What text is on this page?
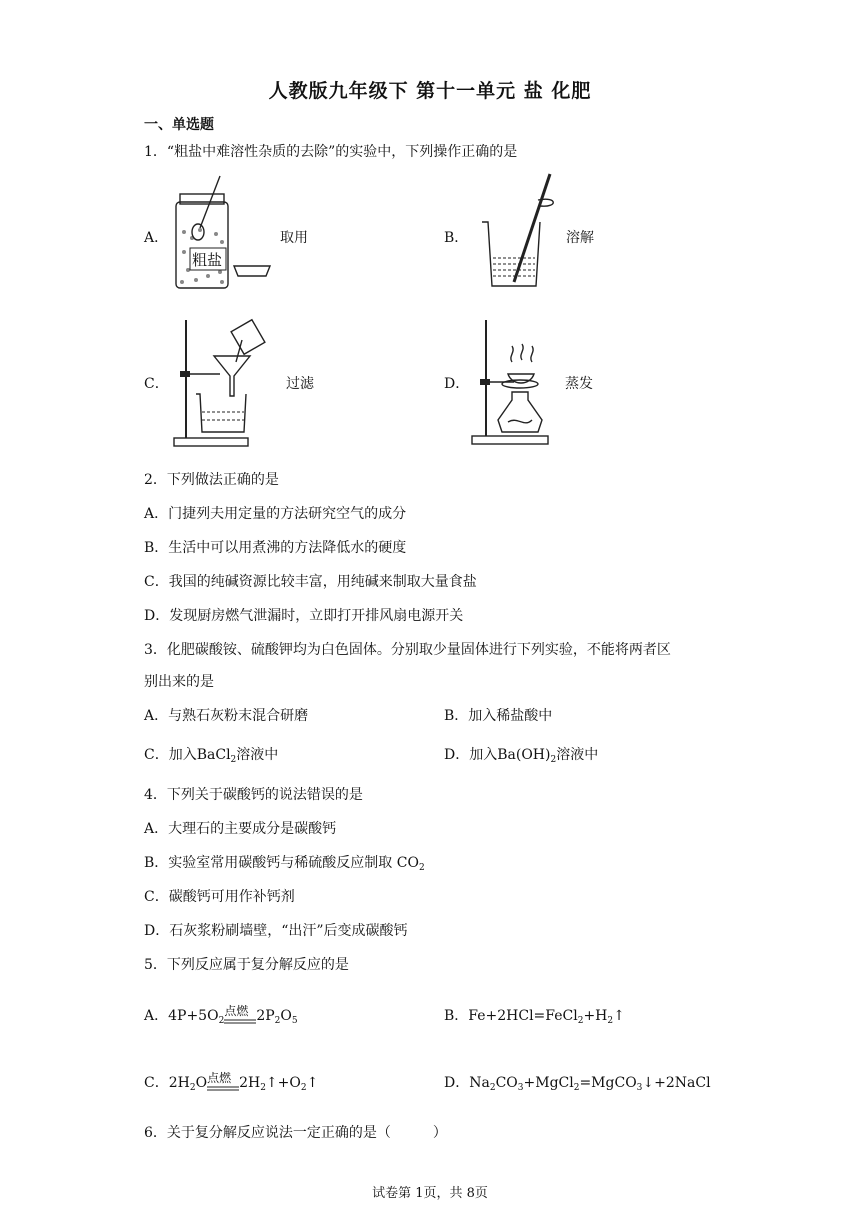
人教版九年级下 第十一单元 盐 化肥
一、单选题
1．“粗盐中难溶性杂质的去除”的实验中，下列操作正确的是
A．	取用
粗盐
B．	溶解
C．	过滤	D．	蒸发
2．下列做法正确的是
A．门捷列夫用定量的方法研究空气的成分
B．生活中可以用煮沸的方法降低水的硬度
C．我国的纯碱资源比较丰富，用纯碱来制取大量食盐
D．发现厨房燃气泄漏时，立即打开排风扇电源开关
3．化肥碳酸铵、硫酸钾均为白色固体。分别取少量固体进行下列实验，不能将两者区
别出来的是
A．与熟石灰粉末混合研磨	B．加入稀盐酸中
C．加入BaCl$_2$溶液中	D．加入$Ba(OH)_2$溶液中
4．下列关于碳酸钙的说法错误的是
A．大理石的主要成分是碳酸钙
B．实验室常用碳酸钙与稀硫酸反应制取 $CO_2$
C．碳酸钙可用作补钙剂
D．石灰浆粉刷墙壁，“出汗”后变成碳酸钙
5．下列反应属于复分解反应的是
A．$4P+5O_2$
点燃 $2P_2O_5$	B．$Fe+2HCl=FeCl_2+H_2↑$
C．$2H_2O$ 点燃 $2H_2↑+O_2↑$	D．$Na_2CO_3+MgCl_2=MgCO_3↓+2NaCl$
6．关于复分解反应说法一定正确的是（　　　）
试卷第 1页，共 8页
